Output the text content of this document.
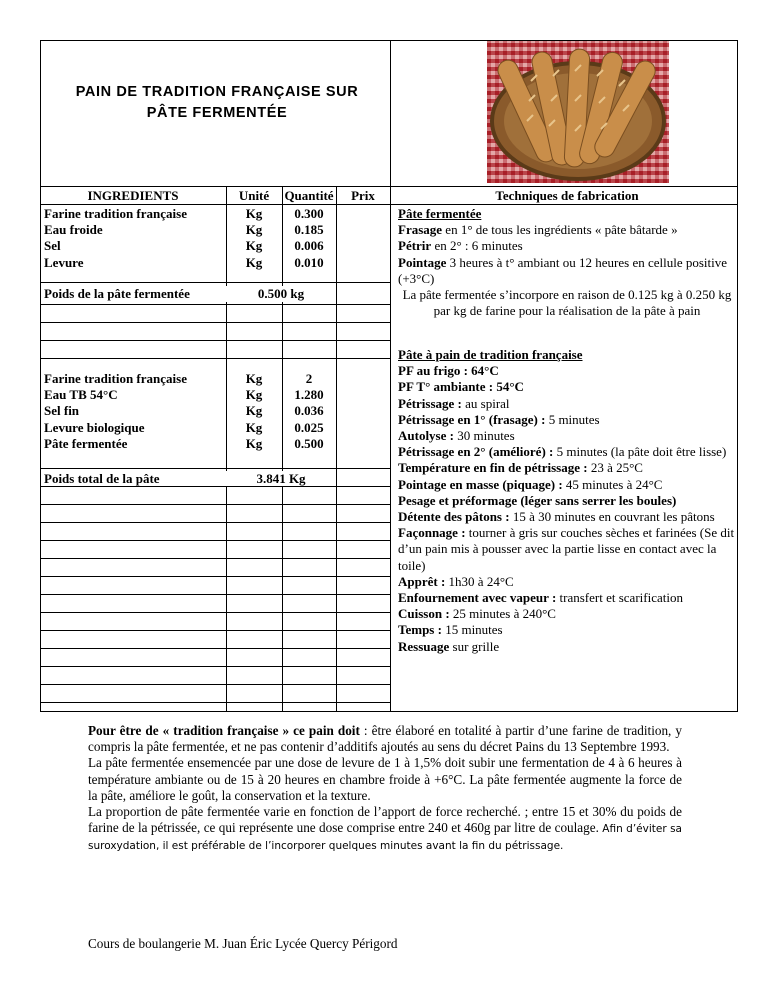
PAIN DE TRADITION FRANÇAISE SUR
PÂTE FERMENTÉE
INGREDIENTS	Unité	Quantité	Prix
Farine tradition française	Kg	0.300
Eau froide	Kg	0.185
Sel	Kg	0.006
Levure	Kg	0.010
Poids de la pâte fermentée	0.500 kg
Farine tradition française	Kg	2
Eau TB 54°C	Kg	1.280
Sel fin	Kg	0.036
Levure biologique	Kg	0.025
Pâte fermentée	Kg	0.500
Poids total de la pâte	3.841 Kg
Techniques de fabrication
Pâte fermentée
Frasage en 1° de tous les ingrédients « pâte bâtarde »
Pétrir en 2° : 6 minutes
Pointage 3 heures à t° ambiant ou 12 heures en cellule positive (+3°C)
La pâte fermentée s’incorpore en raison de 0.125 kg à 0.250 kg par kg de farine pour la réalisation de la pâte à pain
Pâte à pain de tradition française
PF au frigo : 64°C
PF T° ambiante : 54°C
Pétrissage : au spiral
Pétrissage en 1° (frasage) : 5 minutes
Autolyse : 30 minutes
Pétrissage en 2° (amélioré) : 5 minutes (la pâte doit être lisse)
Température en fin de pétrissage : 23 à 25°C
Pointage en masse (piquage) : 45 minutes à 24°C
Pesage et préformage (léger sans serrer les boules)
Détente des pâtons : 15 à 30 minutes en couvrant les pâtons
Façonnage : tourner à gris sur couches sèches et farinées (Se dit d’un pain mis à pousser avec la partie lisse en contact avec la toile)
Apprêt : 1h30 à 24°C
Enfournement avec vapeur : transfert et scarification
Cuisson : 25 minutes à 240°C
Temps : 15 minutes
Ressuage sur grille

Pour être de « tradition française » ce pain doit : être élaboré en totalité à partir d’une farine de tradition, y compris la pâte fermentée, et ne pas contenir d’additifs ajoutés au sens du décret Pains du 13 Septembre 1993.

La pâte fermentée ensemencée par une dose de levure de 1 à 1,5% doit subir une fermentation de 4 à 6 heures à température ambiante ou de 15 à 20 heures en chambre froide à +6°C. La pâte fermentée augmente la force de la pâte, améliore le goût, la conservation et la texture.

La proportion de pâte fermentée varie en fonction de l’apport de force recherché. ; entre 15 et 30% du poids de farine de la pétrissée, ce qui représente une dose comprise entre 240 et 460g par litre de coulage. Afin d’éviter sa suroxydation, il est préférable de l’incorporer quelques minutes avant la fin du pétrissage.

Cours de boulangerie M. Juan Éric Lycée Quercy Périgord
